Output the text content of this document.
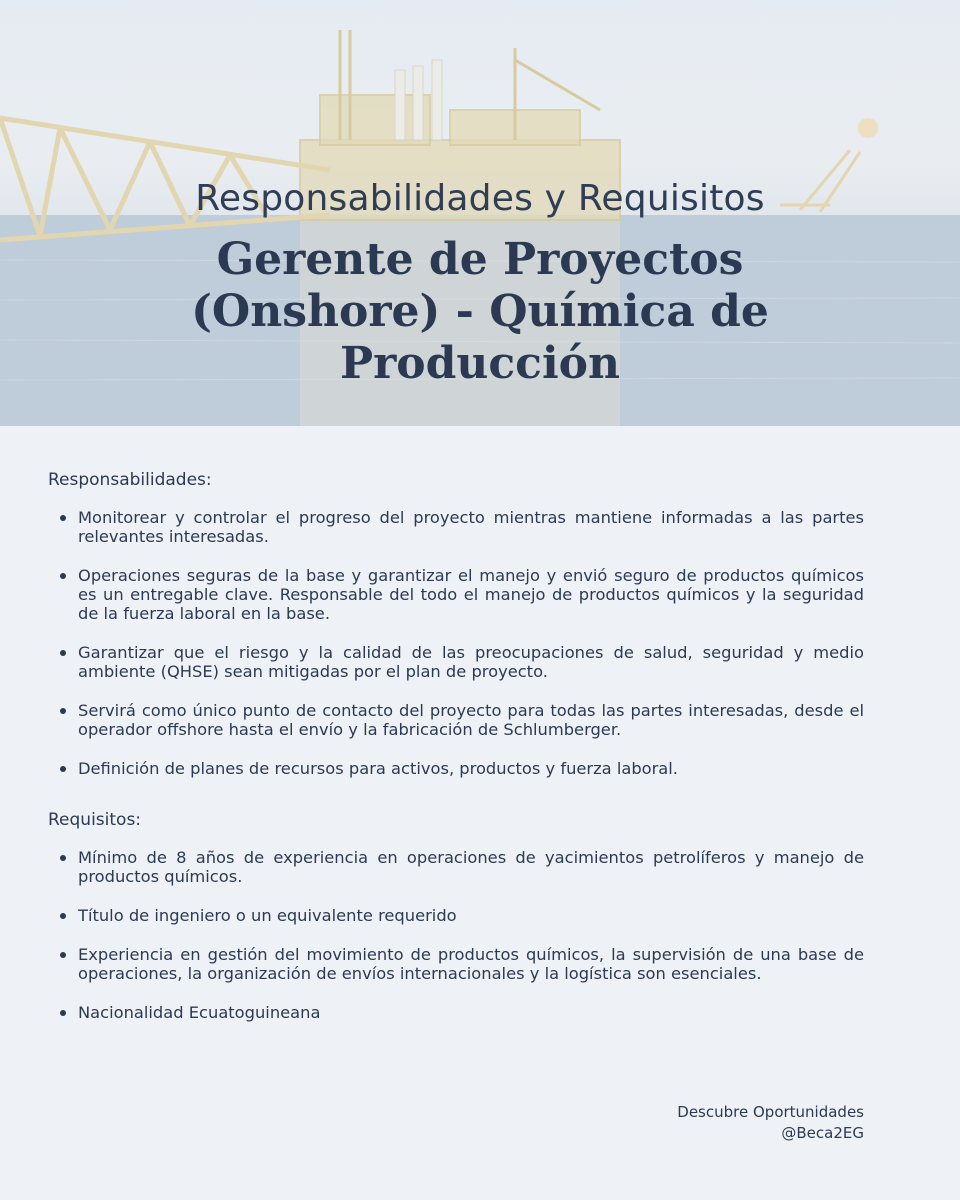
Responsabilidades y Requisitos
Gerente de Proyectos (Onshore) - Química de Producción

Responsabilidades:

Monitorear y controlar el progreso del proyecto mientras mantiene informadas a las partes relevantes interesadas.
Operaciones seguras de la base y garantizar el manejo y envió seguro de productos químicos es un entregable clave. Responsable del todo el manejo de productos químicos y la seguridad de la fuerza laboral en la base.
Garantizar que el riesgo y la calidad de las preocupaciones de salud, seguridad y medio ambiente (QHSE) sean mitigadas por el plan de proyecto.
Servirá como único punto de contacto del proyecto para todas las partes interesadas, desde el operador offshore hasta el envío y la fabricación de Schlumberger.
Definición de planes de recursos para activos, productos y fuerza laboral.

Requisitos:

Mínimo de 8 años de experiencia en operaciones de yacimientos petrolíferos y manejo de productos químicos.
Título de ingeniero o un equivalente requerido
Experiencia en gestión del movimiento de productos químicos, la supervisión de una base de operaciones, la organización de envíos internacionales y la logística son esenciales.
Nacionalidad Ecuatoguineana
Descubre Oportunidades
@Beca2EG
